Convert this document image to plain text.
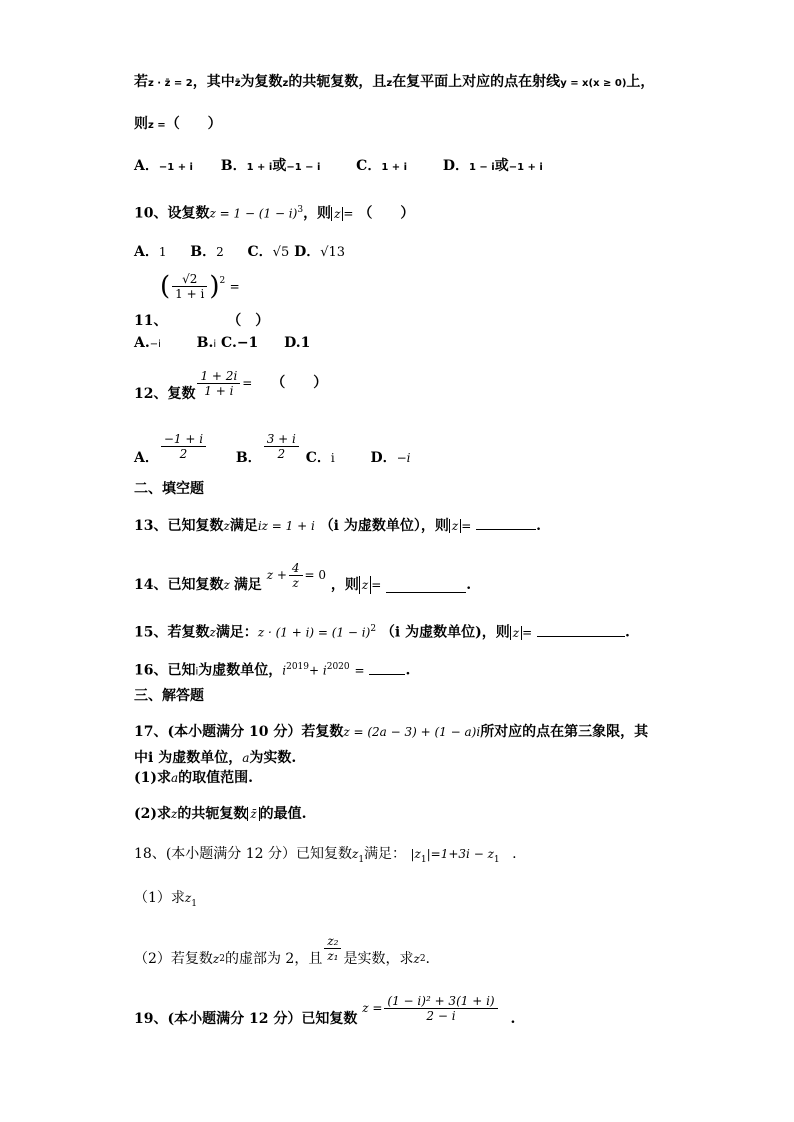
若z · z̄ = 2，其中z̄为复数z的共轭复数，且z在复平面上对应的点在射线y = x(x ≥ 0)上，
则z =（　　）
A．−1 + i B．1 + i或−1 − i	C．1 + i	D．1 − i或−1 + i
10、设复数$z = 1 - (1 - i)^3$，则 z = （　　）
A．1 B．2 C．√5 D．√13
( $\frac{√2}{1 + i} )^2$ =
11、	（　）
A.−i	B.i C.−1 D.1
12、复数 $\frac{1 + 2i}{1 + i}$ = （　　）
A． $\frac{-1 + i}{2}$ B． $\frac{3 + i}{2}$ C．i	D．−i
二、填空题
13、已知复数z满足iz = 1 + i （i 为虚数单位），则 z =	.
14、已知复数z 满足 $z + \frac{4}{z} = 0$ ，则 z =	.
15、若复数z满足：$z \cdot (1 + i) = (1 - i)^2$ （i 为虚数单位)，则 z =	.
16、已知i为虚数单位，$i^{2019}+ i^{2020}$ =	.
三、解答题
17、(本小题满分 10 分）若复数z = (2a − 3) + (1 − a)i所对应的点在第三象限，其
中i 为虚数单位，a为实数.
(1)求a的取值范围.
(2)求z的共轭复数 z̄ 的最值.
18、(本小题满分 12 分）已知复数$z_1$满足： $|z_1|=1+3i - z_1$ .
（1）求$z_1$
（2）若复数z2的虚部为 2，且 $\frac{\text{z₂}}{\text{z₁}}$ 是实数，求z2.
19、(本小题满分 12 分）已知复数 $z = \frac{\text{(1 − i)² + 3(1 + i)}}{2 - i}$ .
